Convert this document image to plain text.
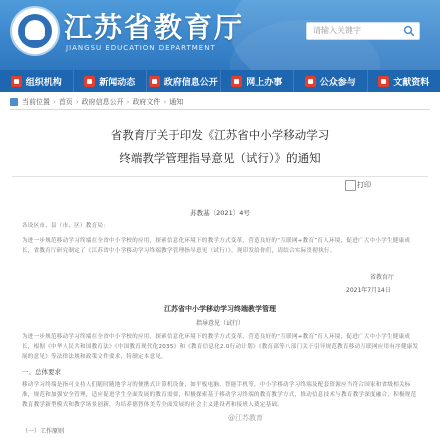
江苏省教育厅
JIANGSU EDUCATION DEPARTMENT
请输入关键字
组织机构	新闻动态	政府信息公开	网上办事	公众参与	文献资料
当前位置 › 首页 › 政府信息公开 › 政府文件 › 通知
省教育厅关于印发《江苏省中小学移动学习
终端教学管理指导意见（试行）》的通知
打印
苏教基〔2021〕4号
各设区市、县（市、区）教育局：
为进一步规范移动学习终端在全省中小学校的应用，探索信息化环境下的教学方式变革，营造良好的“互联网+教育”育人环境，促进广大中小学生健康成长，省教育厅研究制定了《江苏省中小学移动学习终端教学管理指导意见（试行）》，现印发给你们，请结合实际贯彻执行。
省教育厅
2021年7月14日
江苏省中小学移动学习终端教学管理
指导意见（试行）
为进一步规范移动学习终端在全省中小学校的应用，探索信息化环境下的教学方式变革，营造良好的“互联网+教育”育人环境，促进广大中小学生健康成长，根据《中华人民共和国教育法》《中国教育现代化2035》和《教育信息化2.0行动计划》《教育部等八部门关于引导规范教育移动互联网应用有序健康发展的意见》等法律法规和政策文件要求，特制定本意见。
一、总体要求
移动学习终端是指可支持人们随时随地学习的便携式计算机设备，如平板电脑、智能手机等。中小学移动学习终端及配套资源应当符合国家和省级相关标准，规范和加强安全管理，适应促进学生全面发展的教育需要，积极探索基于移动学习终端的教育教学方式，推动信息技术与教育教学深度融合，积极规范教育教学新型模式和教学场景创新，为培养德智体美劳全面发展的社会主义建设者和接班人奠定基础。
（一）工作原则
@江苏教育
